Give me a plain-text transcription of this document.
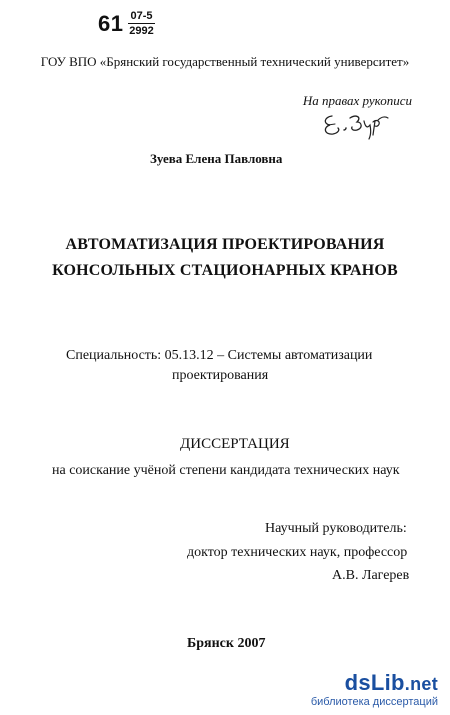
$61 \frac{07-5}{2992}$
ГОУ ВПО «Брянский государственный технический университет»
На правах рукописи
Зуева Елена Павловна
АВТОМАТИЗАЦИЯ ПРОЕКТИРОВАНИЯ
КОНСОЛЬНЫХ СТАЦИОНАРНЫХ КРАНОВ
Специальность: 05.13.12 – Системы автоматизации
проектирования
ДИССЕРТАЦИЯ
на соискание учёной степени кандидата технических наук
Научный руководитель:
доктор технических наук, профессор
А.В. Лагерев
Брянск 2007
dsLib.net
библиотека диссертаций
